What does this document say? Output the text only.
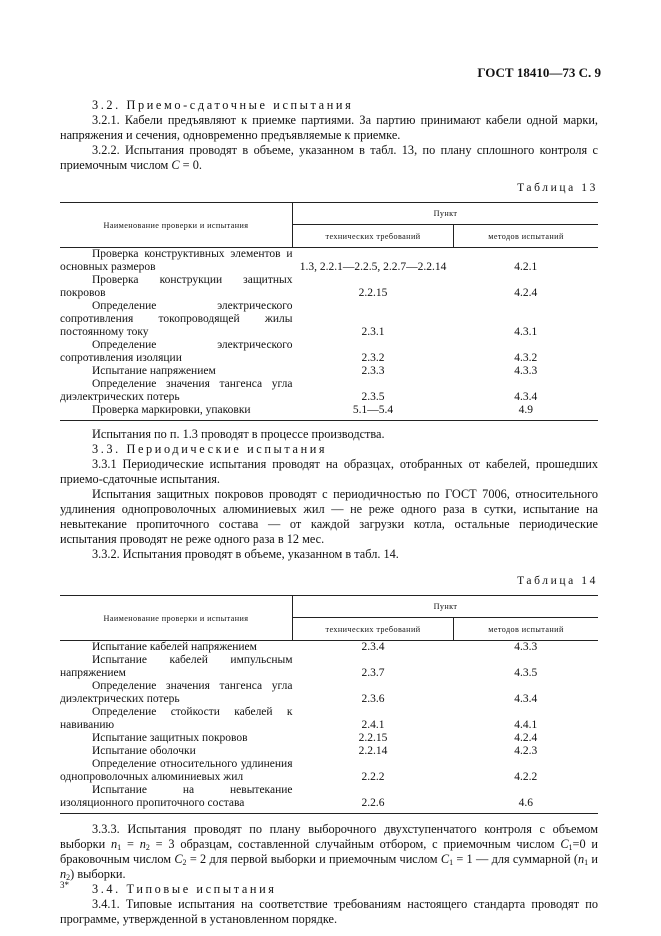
ГОСТ 18410—73 С. 9

3.2. Приемо-сдаточные испытания

3.2.1. Кабели предъявляют к приемке партиями. За партию принимают кабели одной марки, напряжения и сечения, одновременно предъявляемые к приемке.

3.2.2. Испытания проводят в объеме, указанном в табл. 13, по плану сплошного контроля с приемочным числом C = 0.

Таблица 13
Наименование проверки и испытания	Пункт	
	технических требований	методов испытаний
Проверка конструктивных элементов и основных размеров	1.3, 2.2.1—2.2.5, 2.2.7—2.2.14	4.2.1
Проверка конструкции защитных покровов	2.2.15	4.2.4
Определение электрического сопротивления токопроводящей жилы постоянному току	2.3.1	4.3.1
Определение электрического сопротивления изоляции	2.3.2	4.3.2
Испытание напряжением	2.3.3	4.3.3
Определение значения тангенса угла диэлектрических потерь	2.3.5	4.3.4
Проверка маркировки, упаковки	5.1—5.4	4.9

Испытания по п. 1.3 проводят в процессе производства.

3.3. Периодические испытания

3.3.1 Периодические испытания проводят на образцах, отобранных от кабелей, прошедших приемо-сдаточные испытания.

Испытания защитных покровов проводят с периодичностью по ГОСТ 7006, относительного удлинения однопроволочных алюминиевых жил — не реже одного раза в сутки, испытание на невытекание пропиточного состава — от каждой загрузки котла, остальные периодические испытания проводят не реже одного раза в 12 мес.

3.3.2. Испытания проводят в объеме, указанном в табл. 14.

Таблица 14
Наименование проверки и испытания	Пункт	
	технических требований	методов испытаний
Испытание кабелей напряжением	2.3.4	4.3.3
Испытание кабелей импульсным напряжением	2.3.7	4.3.5
Определение значения тангенса угла диэлектрических потерь	2.3.6	4.3.4
Определение стойкости кабелей к навиванию	2.4.1	4.4.1
Испытание защитных покровов	2.2.15	4.2.4
Испытание оболочки	2.2.14	4.2.3
Определение относительного удлинения однопроволочных алюминиевых жил	2.2.2	4.2.2
Испытание на невытекание изоляционного пропиточного состава	2.2.6	4.6

3.3.3. Испытания проводят по плану выборочного двухступенчатого контроля с объемом выборки $n_1 = n_2 = 3$ образцам, составленной случайным отбором, с приемочным числом $C_1=0$ и браковочным числом $C_2 = 2$ для первой выборки и приемочным числом $C_1 = 1$ — для суммарной ($n_1$ и $n_2$) выборки.

3.4. Типовые испытания

3.4.1. Типовые испытания на соответствие требованиям настоящего стандарта проводят по программе, утвержденной в установленном порядке.

3*
